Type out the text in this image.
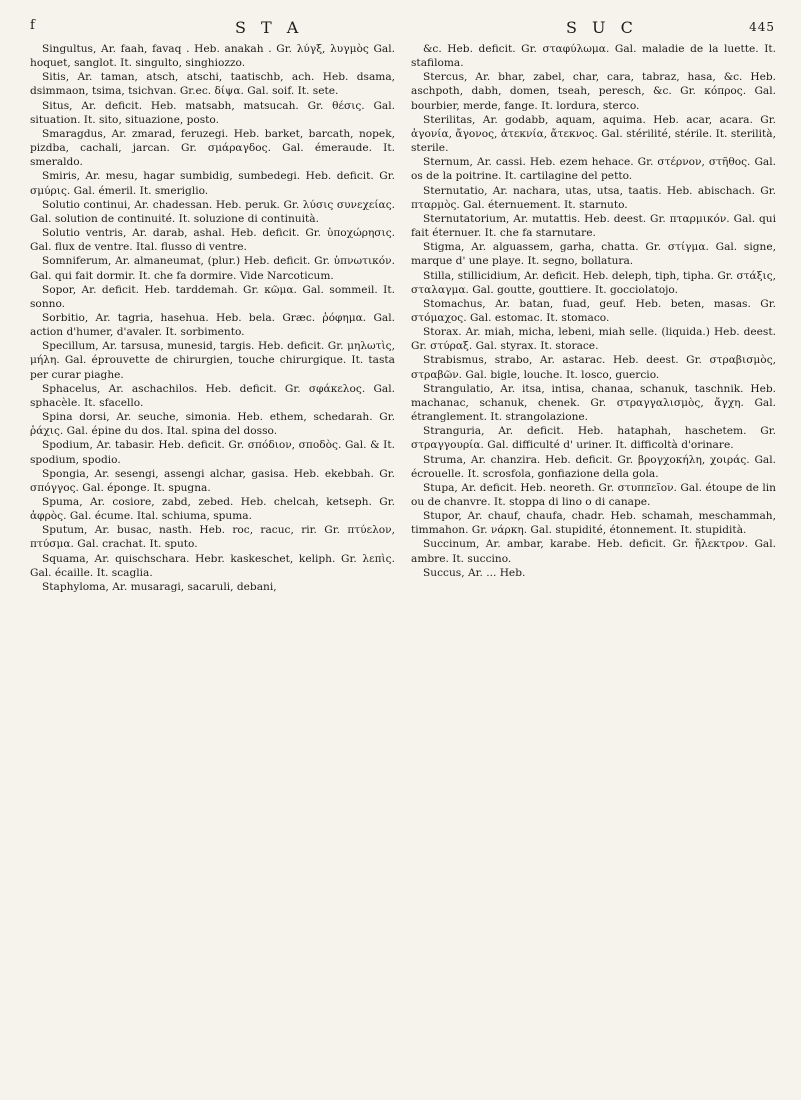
f	S T A	S U C	445

Singultus, Ar. faah, favaq . Heb. anakah . Gr. λύγξ, λυγμὸς Gal. hoquet, sanglot. It. singulto, singhiozzo.

Sitis, Ar. taman, atsch, atschi, taatischb, ach. Heb. dsama, dsimmaon, tsima, tsichvan. Gr.ec. δίψα. Gal. soif. It. sete.

Situs, Ar. deficit. Heb. matsabh, matsucah. Gr. θέσις. Gal. situation. It. sito, situazione, posto.

Smaragdus, Ar. zmarad, feruzegi. Heb. barket, barcath, nopek, pizdba, cachali, jarcan. Gr. σμάραγδος. Gal. émeraude. It. smeraldo.

Smiris, Ar. mesu, hagar sumbidig, sumbedegi. Heb. deficit. Gr. σμύρις. Gal. émeril. It. smeriglio.

Solutio continui, Ar. chadessan. Heb. peruk. Gr. λύσις συνεχείας. Gal. solution de continuité. It. soluzione di continuità.

Solutio ventris, Ar. darab, ashal. Heb. deficit. Gr. ὑποχώρησις. Gal. flux de ventre. Ital. flusso di ventre.

Somniferum, Ar. almaneumat, (plur.) Heb. deficit. Gr. ὑπνωτικόν. Gal. qui fait dormir. It. che fa dormire. Vide Narcoticum.

Sopor, Ar. deficit. Heb. tarddemah. Gr. κῶμα. Gal. sommeil. It. sonno.

Sorbitio, Ar. tagria, hasehua. Heb. bela. Græc. ῥόφημα. Gal. action d'humer, d'avaler. It. sorbimento.

Specillum, Ar. tarsusa, munesid, targis. Heb. deficit. Gr. μηλωτὶς, μήλη. Gal. éprouvette de chirurgien, touche chirurgique. It. tasta per curar piaghe.

Sphacelus, Ar. aschachilos. Heb. deficit. Gr. σφάκελος. Gal. sphacèle. It. sfacello.

Spina dorsi, Ar. seuche, simonia. Heb. ethem, schedarah. Gr. ῥάχις. Gal. épine du dos. Ital. spina del dosso.

Spodium, Ar. tabasir. Heb. deficit. Gr. σπόδιον, σποδὸς. Gal. & It. spodium, spodio.

Spongia, Ar. sesengi, assengi alchar, gasisa. Heb. ekebbah. Gr. σπόγγος. Gal. éponge. It. spugna.

Spuma, Ar. cosiore, zabd, zebed. Heb. chelcah, ketseph. Gr. ἀφρὸς. Gal. écume. Ital. schiuma, spuma.

Sputum, Ar. busac, nasth. Heb. roc, racuc, rir. Gr. πτύελον, πτύσμα. Gal. crachat. It. sputo.

Squama, Ar. quischschara. Hebr. kaskeschet, keliph. Gr. λεπὶς. Gal. écaille. It. scaglia.

Staphyloma, Ar. musaragi, sacaruli, debani,

&c. Heb. deficit. Gr. σταφύλωμα. Gal. maladie de la luette. It. stafiloma.

Stercus, Ar. bhar, zabel, char, cara, tabraz, hasa, &c. Heb. aschpoth, dabh, domen, tseah, peresch, &c. Gr. κόπρος. Gal. bourbier, merde, fange. It. lordura, sterco.

Sterilitas, Ar. godabb, aquam, aquima. Heb. acar, acara. Gr. ἀγονία, ἄγονος, ἀτεκνία, ἄτεκνος. Gal. stérilité, stérile. It. sterilità, sterile.

Sternum, Ar. cassi. Heb. ezem hehace. Gr. στέρνον, στῆθος. Gal. os de la poitrine. It. cartilagine del petto.

Sternutatio, Ar. nachara, utas, utsa, taatis. Heb. abischach. Gr. πταρμὸς. Gal. éternuement. It. starnuto.

Sternutatorium, Ar. mutattis. Heb. deest. Gr. πταρμικόν. Gal. qui fait éternuer. It. che fa starnutare.

Stigma, Ar. alguassem, garha, chatta. Gr. στίγμα. Gal. signe, marque d' une playe. It. segno, bollatura.

Stilla, stillicidium, Ar. deficit. Heb. deleph, tiph, tipha. Gr. στάξις, σταλαγμα. Gal. goutte, gouttiere. It. gocciolatojo.

Stomachus, Ar. batan, fuad, geuf. Heb. beten, masas. Gr. στόμαχος. Gal. estomac. It. stomaco.

Storax. Ar. miah, micha, lebeni, miah selle. (liquida.) Heb. deest. Gr. στύραξ. Gal. styrax. It. storace.

Strabismus, strabo, Ar. astarac. Heb. deest. Gr. στραβισμὸς, στραβῶν. Gal. bigle, louche. It. losco, guercio.

Strangulatio, Ar. itsa, intisa, chanaa, schanuk, taschnik. Heb. machanac, schanuk, chenek. Gr. στραγγαλισμὸς, ἄγχη. Gal. étranglement. It. strangolazione.

Stranguria, Ar. deficit. Heb. hataphah, haschetem. Gr. στραγγουρία. Gal. difficulté d' uriner. It. difficoltà d'orinare.

Struma, Ar. chanzira. Heb. deficit. Gr. βρογχοκήλη, χοιράς. Gal. écrouelle. It. scrosfola, gonfiazione della gola.

Stupa, Ar. deficit. Heb. neoreth. Gr. στυππεῖον. Gal. étoupe de lin ou de chanvre. It. stoppa di lino o di canape.

Stupor, Ar. chauf, chaufa, chadr. Heb. schamah, meschammah, timmahon. Gr. νάρκη. Gal. stupidité, étonnement. It. stupidità.

Succinum, Ar. ambar, karabe. Heb. deficit. Gr. ἤλεκτρον. Gal. ambre. It. succino.

Succus, Ar. ... Heb.
